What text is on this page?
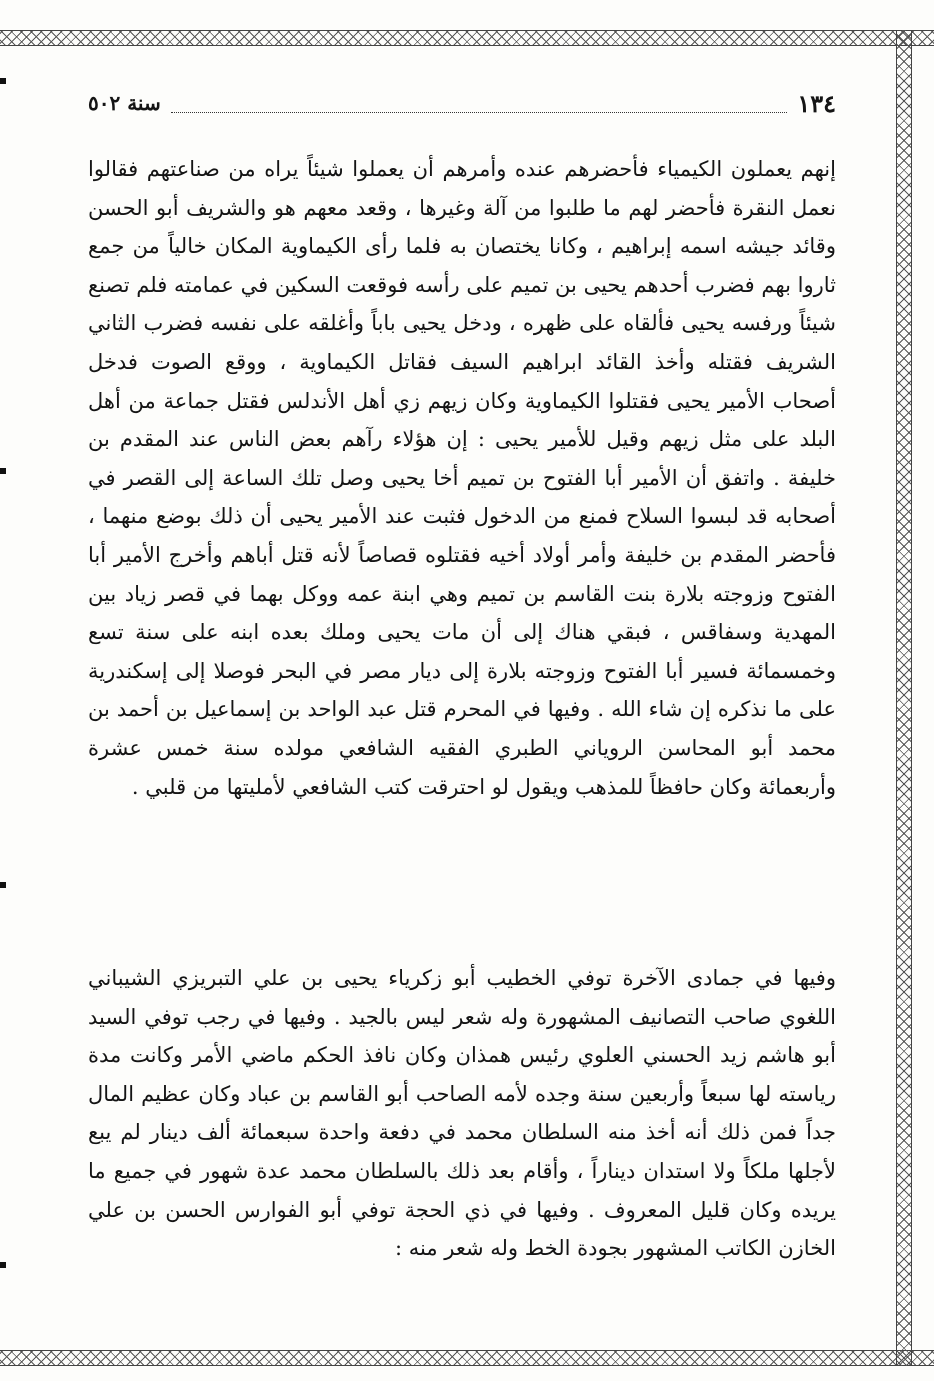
١٣٤
سنة ٥٠٢

إنهم يعملون الكيمياء فأحضرهم عنده وأمرهم أن يعملوا شيئاً يراه من صناعتهم فقالوا نعمل النقرة فأحضر لهم ما طلبوا من آلة وغيرها ، وقعد معهم هو والشريف أبو الحسن وقائد جيشه اسمه إبراهيم ، وكانا يختصان به فلما رأى الكيماوية المكان خالياً من جمع ثاروا بهم فضرب أحدهم يحيى بن تميم على رأسه فوقعت السكين في عمامته فلم تصنع شيئاً ورفسه يحيى فألقاه على ظهره ، ودخل يحيى باباً وأغلقه على نفسه فضرب الثاني الشريف فقتله وأخذ القائد ابراهيم السيف فقاتل الكيماوية ، ووقع الصوت فدخل أصحاب الأمير يحيى فقتلوا الكيماوية وكان زيهم زي أهل الأندلس فقتل جماعة من أهل البلد على مثل زيهم وقيل للأمير يحيى : إن هؤلاء رآهم بعض الناس عند المقدم بن خليفة . واتفق أن الأمير أبا الفتوح بن تميم أخا يحيى وصل تلك الساعة إلى القصر في أصحابه قد لبسوا السلاح فمنع من الدخول فثبت عند الأمير يحيى أن ذلك بوضع منهما ، فأحضر المقدم بن خليفة وأمر أولاد أخيه فقتلوه قصاصاً لأنه قتل أباهم وأخرج الأمير أبا الفتوح وزوجته بلارة بنت القاسم بن تميم وهي ابنة عمه ووكل بهما في قصر زياد بين المهدية وسفاقس ، فبقي هناك إلى أن مات يحيى وملك بعده ابنه على سنة تسع وخمسمائة فسير أبا الفتوح وزوجته بلارة إلى ديار مصر في البحر فوصلا إلى إسكندرية على ما نذكره إن شاء الله . وفيها في المحرم قتل عبد الواحد بن إسماعيل بن أحمد بن محمد أبو المحاسن الروياني الطبري الفقيه الشافعي مولده سنة خمس عشرة وأربعمائة وكان حافظاً للمذهب ويقول لو احترقت كتب الشافعي لأمليتها من قلبي .

وفيها في جمادى الآخرة توفي الخطيب أبو زكرياء يحيى بن علي التبريزي الشيباني اللغوي صاحب التصانيف المشهورة وله شعر ليس بالجيد . وفيها في رجب توفي السيد أبو هاشم زيد الحسني العلوي رئيس همذان وكان نافذ الحكم ماضي الأمر وكانت مدة رياسته لها سبعاً وأربعين سنة وجده لأمه الصاحب أبو القاسم بن عباد وكان عظيم المال جداً فمن ذلك أنه أخذ منه السلطان محمد في دفعة واحدة سبعمائة ألف دينار لم يبع لأجلها ملكاً ولا استدان ديناراً ، وأقام بعد ذلك بالسلطان محمد عدة شهور في جميع ما يريده وكان قليل المعروف . وفيها في ذي الحجة توفي أبو الفوارس الحسن بن علي الخازن الكاتب المشهور بجودة الخط وله شعر منه :
